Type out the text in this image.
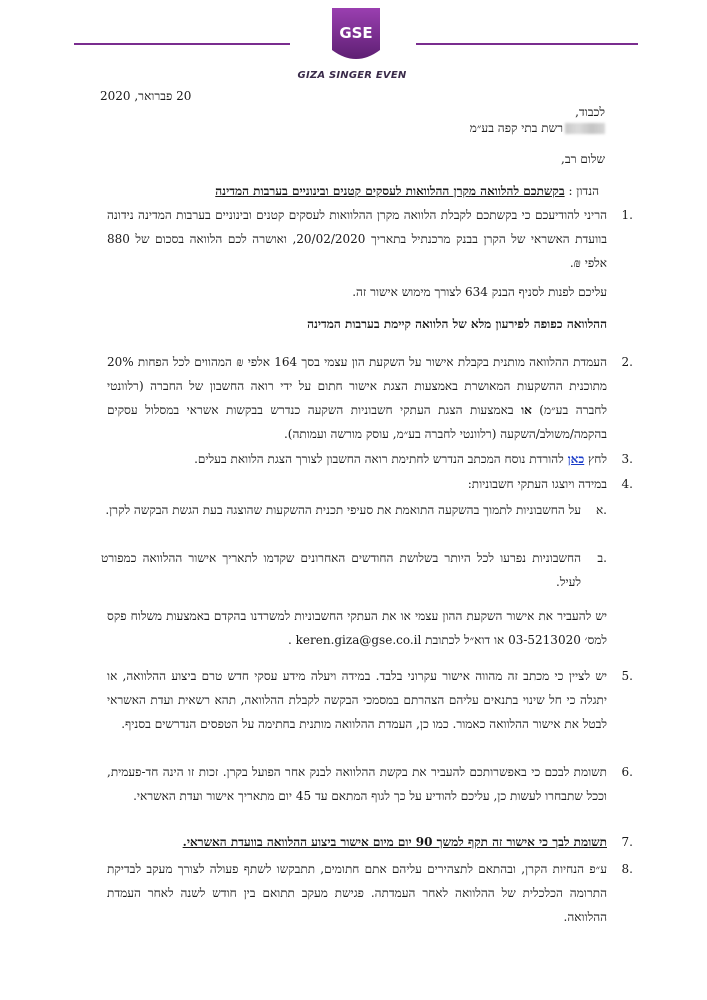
GSE
GIZA SINGER EVEN
20 פברואר, 2020
לכבוד,
רשת בתי קפה בע״מ
שלום רב,
הנדון : בקשתכם להלוואה מקרן ההלוואות לעסקים קטנים ובינוניים בערבות המדינה
1.
הריני להודיעכם כי בקשתכם לקבלת הלוואה מקרן ההלוואות לעסקים קטנים ובינוניים בערבות המדינה נידונה בוועדת האשראי של הקרן בבנק מרכנתיל בתאריך 20/02/2020, ואושרה לכם הלוואה בסכום של 880 אלפי ₪.
עליכם לפנות לסניף הבנק 634 לצורך מימוש אישור זה.
ההלוואה כפופה לפירעון מלא של הלוואה קיימת בערבות המדינה
2.
העמדת ההלוואה מותנית בקבלת אישור על השקעת הון עצמי בסך 164 אלפי ₪ המהווים לכל הפחות 20% מתוכנית ההשקעות המאושרת באמצעות הצגת אישור חתום על ידי רואה החשבון של החברה (רלוונטי לחברה בע״מ) או באמצעות הצגת העתקי חשבוניות השקעה כנדרש בבקשות אשראי במסלול עסקים בהקמה/משולב/השקעה (רלוונטי לחברה בע״מ, עוסק מורשה ועמותה).
3.
לחץ כאן להורדת נוסח המכתב הנדרש לחתימת רואה החשבון לצורך הצגת הלוואת בעלים.
4.
במידה ויוצגו העתקי חשבוניות:
א.
על החשבוניות לתמוך בהשקעה התואמת את סעיפי תכנית ההשקעות שהוצגה בעת הגשת הבקשה לקרן.
ב.
החשבוניות נפרעו לכל היותר בשלושת החודשים האחרונים שקדמו לתאריך אישור ההלוואה כמפורט לעיל.
יש להעביר את אישור השקעת ההון עצמי או את העתקי החשבוניות למשרדנו בהקדם באמצעות משלוח פקס למס׳ 03-5213020 או דוא״ל לכתובת keren.giza@gse.co.il .
5.
יש לציין כי מכתב זה מהווה אישור עקרוני בלבד. במידה ויעלה מידע עסקי חדש טרם ביצוע ההלוואה, או יתגלה כי חל שינוי בתנאים עליהם הצהרתם במסמכי הבקשה לקבלת ההלוואה, תהא רשאית ועדת האשראי לבטל את אישור ההלוואה כאמור. כמו כן, העמדת ההלוואה מותנית בחתימה על הטפסים הנדרשים בסניף.
6.
תשומת לבכם כי באפשרותכם להעביר את בקשת ההלוואה לבנק אחר הפועל בקרן. זכות זו הינה חד-פעמית, וככל שתבחרו לעשות כן, עליכם להודיע על כך לגוף המתאם עד 45 יום מתאריך אישור ועדת האשראי.
7.
תשומת לבך כי אישור זה תקף למשך 90 יום מיום אישור ביצוע ההלוואה בוועדת האשראי.
8.
ע״פ הנחיות הקרן, ובהתאם לתצהירים עליהם אתם חתומים, תתבקשו לשתף פעולה לצורך מעקב לבדיקת התרומה הכלכלית של ההלוואה לאחר העמדתה. פגישת מעקב תתואם בין חודש לשנה לאחר העמדת ההלוואה.
